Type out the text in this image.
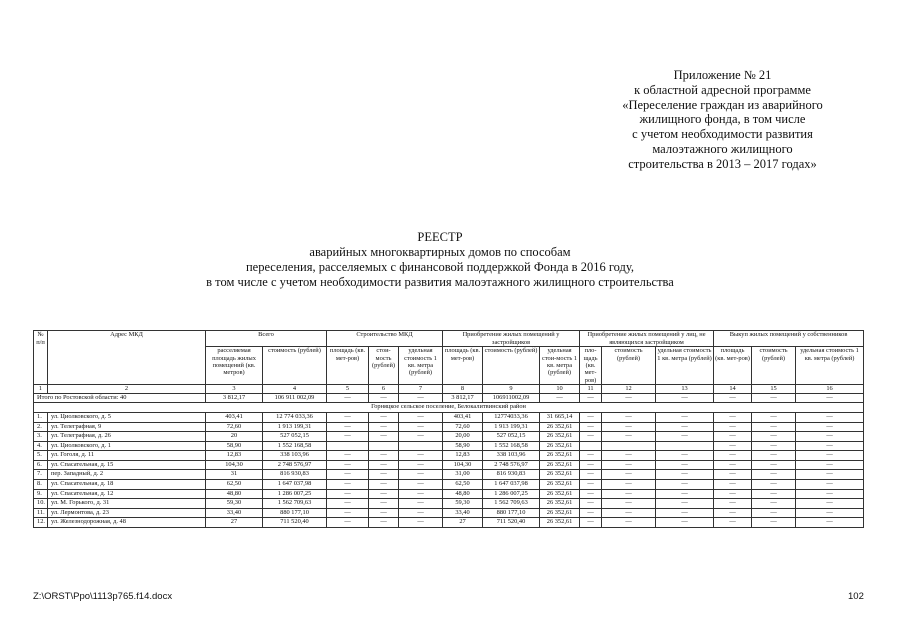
Приложение № 21
к областной адресной программе
«Переселение граждан из аварийного
жилищного фонда, в том числе
с учетом необходимости развития
малоэтажного жилищного
строительства в 2013 – 2017 годах»
РЕЕСТР
аварийных многоквартирных домов по способам
переселения, расселяемых с финансовой поддержкой Фонда в 2016 году,
в том числе с учетом необходимости развития малоэтажного жилищного строительства
№ п/п	Адрес МКД	Всего		Строительство МКД			Приобретение жилых помещений у застройщиков			Приобретение жилых помещений у лиц, не являющихся застройщиком			Выкуп жилых помещений у собственников		
		расселяемая площадь жилых помещений (кв. метров)	стоимость (рублей)	площадь (кв. мет-ров)	стои-мость (рублей)	удельная стоимость 1 кв. метра (рублей)	площадь (кв. мет-ров)	стоимость (рублей)	удельная стои-мость 1 кв. метра (рублей)	пло-щадь (кв. мет-ров)	стоимость (рублей)	удельная стоимость 1 кв. метра (рублей)	площадь (кв. мет-ров)	стоимость (рублей)	удельная стоимость 1 кв. метра (рублей)
1	2	3	4	5	6	7	8	9	10	11	12	13	14	15	16
Итого по Ростовской области: 40		3 812,17	106 911 002,09	—	—	—	3 812,17	106911002,09	—	—	—	—	—	—	—
Горняцкое сельское поселение, Белокалитвинский район															
1.	ул. Циолковского, д. 5	403,41	12 774 033,36	—	—	—	403,41	12774033,36	31 665,14	—	—	—	—	—	—
2.	ул. Телеграфная, 9	72,60	1 913 199,31	—	—	—	72,60	1 913 199,31	26 352,61	—	—	—	—	—	—
3.	ул. Телеграфная, д. 26	20	527 052,15	—	—	—	20,00	527 052,15	26 352,61	—	—	—	—	—	—
4.	ул. Циолковского, д. 1	58,90	1 552 168,58				58,90	1 552 168,58	26 352,61				—	—	—
5.	ул. Гоголя, д. 11	12,83	338 103,96	—	—	—	12,83	338 103,96	26 352,61	—	—	—	—	—	—
6.	ул. Спасательная, д. 15	104,30	2 748 576,97	—	—	—	104,30	2 748 576,97	26 352,61	—	—	—	—	—	—
7.	пер. Западный, д. 2	31	816 930,83	—	—	—	31,00	816 930,83	26 352,61	—	—	—	—	—	—
8.	ул. Спасательная, д. 18	62,50	1 647 037,98	—	—	—	62,50	1 647 037,98	26 352,61	—	—	—	—	—	—
9.	ул. Спасательная, д. 12	48,80	1 286 007,25	—	—	—	48,80	1 286 007,25	26 352,61	—	—	—	—	—	—
10.	ул. М. Горького, д. 31	59,30	1 562 709,63	—	—	—	59,30	1 562 709,63	26 352,61	—	—	—	—	—	—
11.	ул. Лермонтова, д. 23	33,40	880 177,10	—	—	—	33,40	880 177,10	26 352,61	—	—	—	—	—	—
12.	ул. Железнодорожная, д. 48	27	711 520,40	—	—	—	27	711 520,40	26 352,61	—	—	—	—	—	—
Z:\ORST\Ppo\1113p765.f14.docx	102
